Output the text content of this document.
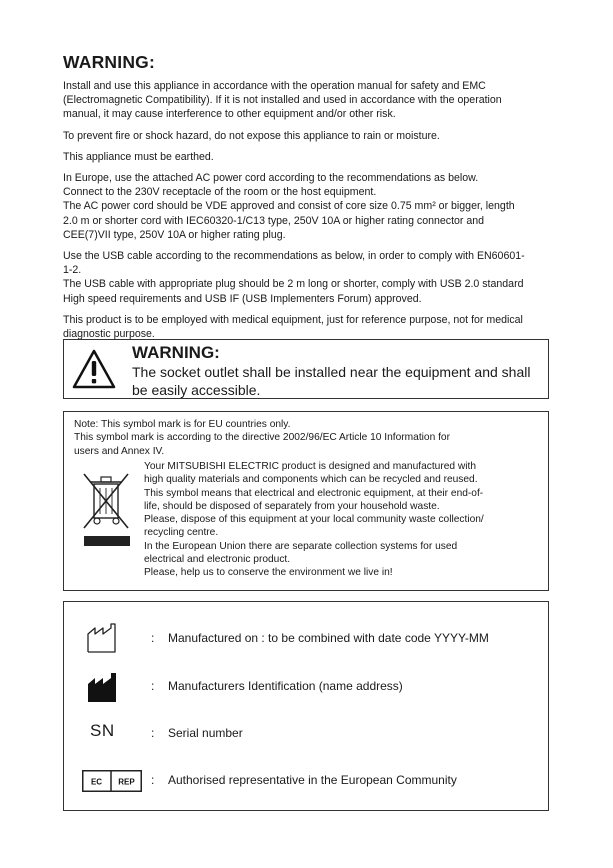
WARNING:

Install and use this appliance in accordance with the operation manual for safety and EMC
(Electromagnetic Compatibility). If it is not installed and used in accordance with the operation
manual, it may cause interference to other equipment and/or other risk.

To prevent fire or shock hazard, do not expose this appliance to rain or moisture.

This appliance must be earthed.

In Europe, use the attached AC power cord according to the recommendations as below.
Connect to the 230V receptacle of the room or the host equipment.
The AC power cord should be VDE approved and consist of core size 0.75 mm² or bigger, length
2.0 m or shorter cord with IEC60320-1/C13 type, 250V 10A or higher rating connector and
CEE(7)VII type, 250V 10A or higher rating plug.

Use the USB cable according to the recommendations as below, in order to comply with EN60601-
1-2.
The USB cable with appropriate plug should be 2 m long or shorter, comply with USB 2.0 standard
High speed requirements and USB IF (USB Implementers Forum) approved.

This product is to be employed with medical equipment, just for reference purpose, not for medical
diagnostic purpose.

WARNING:
The socket outlet shall be installed near the equipment and shall be easily accessible.
Note: This symbol mark is for EU countries only.
This symbol mark is according to the directive 2002/96/EC Article 10 Information for
users and Annex IV.
Your MITSUBISHI ELECTRIC product is designed and manufactured with
high quality materials and components which can be recycled and reused.
This symbol means that electrical and electronic equipment, at their end-of-
life, should be disposed of separately from your household waste.
Please, dispose of this equipment at your local community waste collection/
recycling centre.
In the European Union there are separate collection systems for used
electrical and electronic product.
Please, help us to conserve the environment we live in!
: Manufactured on : to be combined with date code YYYY-MM
: Manufacturers Identification (name address)
SN	: Serial number
EC REP : Authorised representative in the European Community
